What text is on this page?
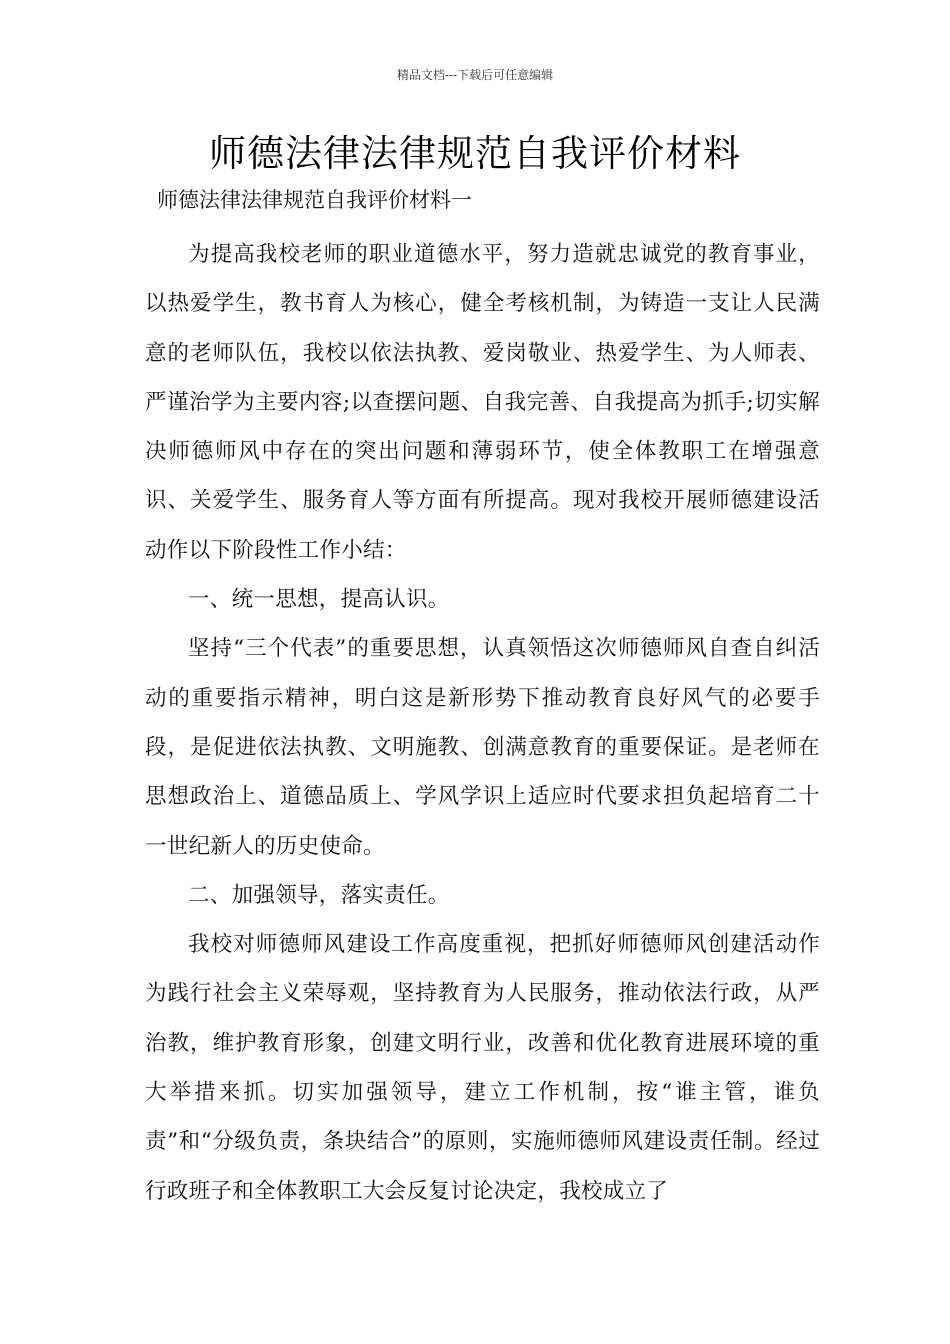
精品文档---下载后可任意编辑
师德法律法律规范自我评价材料
师德法律法律规范自我评价材料一

为提高我校老师的职业道德水平，努力造就忠诚党的教育事业，以热爱学生，教书育人为核心，健全考核机制，为铸造一支让人民满意的老师队伍，我校以依法执教、爱岗敬业、热爱学生、为人师表、严谨治学为主要内容;以查摆问题、自我完善、自我提高为抓手;切实解决师德师风中存在的突出问题和薄弱环节，使全体教职工在增强意识、关爱学生、服务育人等方面有所提高。现对我校开展师德建设活动作以下阶段性工作小结：

一、统一思想，提高认识。

坚持“三个代表”的重要思想，认真领悟这次师德师风自查自纠活动的重要指示精神，明白这是新形势下推动教育良好风气的必要手段，是促进依法执教、文明施教、创满意教育的重要保证。是老师在思想政治上、道德品质上、学风学识上适应时代要求担负起培育二十一世纪新人的历史使命。

二、加强领导，落实责任。

我校对师德师风建设工作高度重视，把抓好师德师风创建活动作为践行社会主义荣辱观，坚持教育为人民服务，推动依法行政，从严治教，维护教育形象，创建文明行业，改善和优化教育进展环境的重大举措来抓。切实加强领导，建立工作机制，按“谁主管，谁负责”和“分级负责，条块结合”的原则，实施师德师风建设责任制。经过行政班子和全体教职工大会反复讨论决定，我校成立了
